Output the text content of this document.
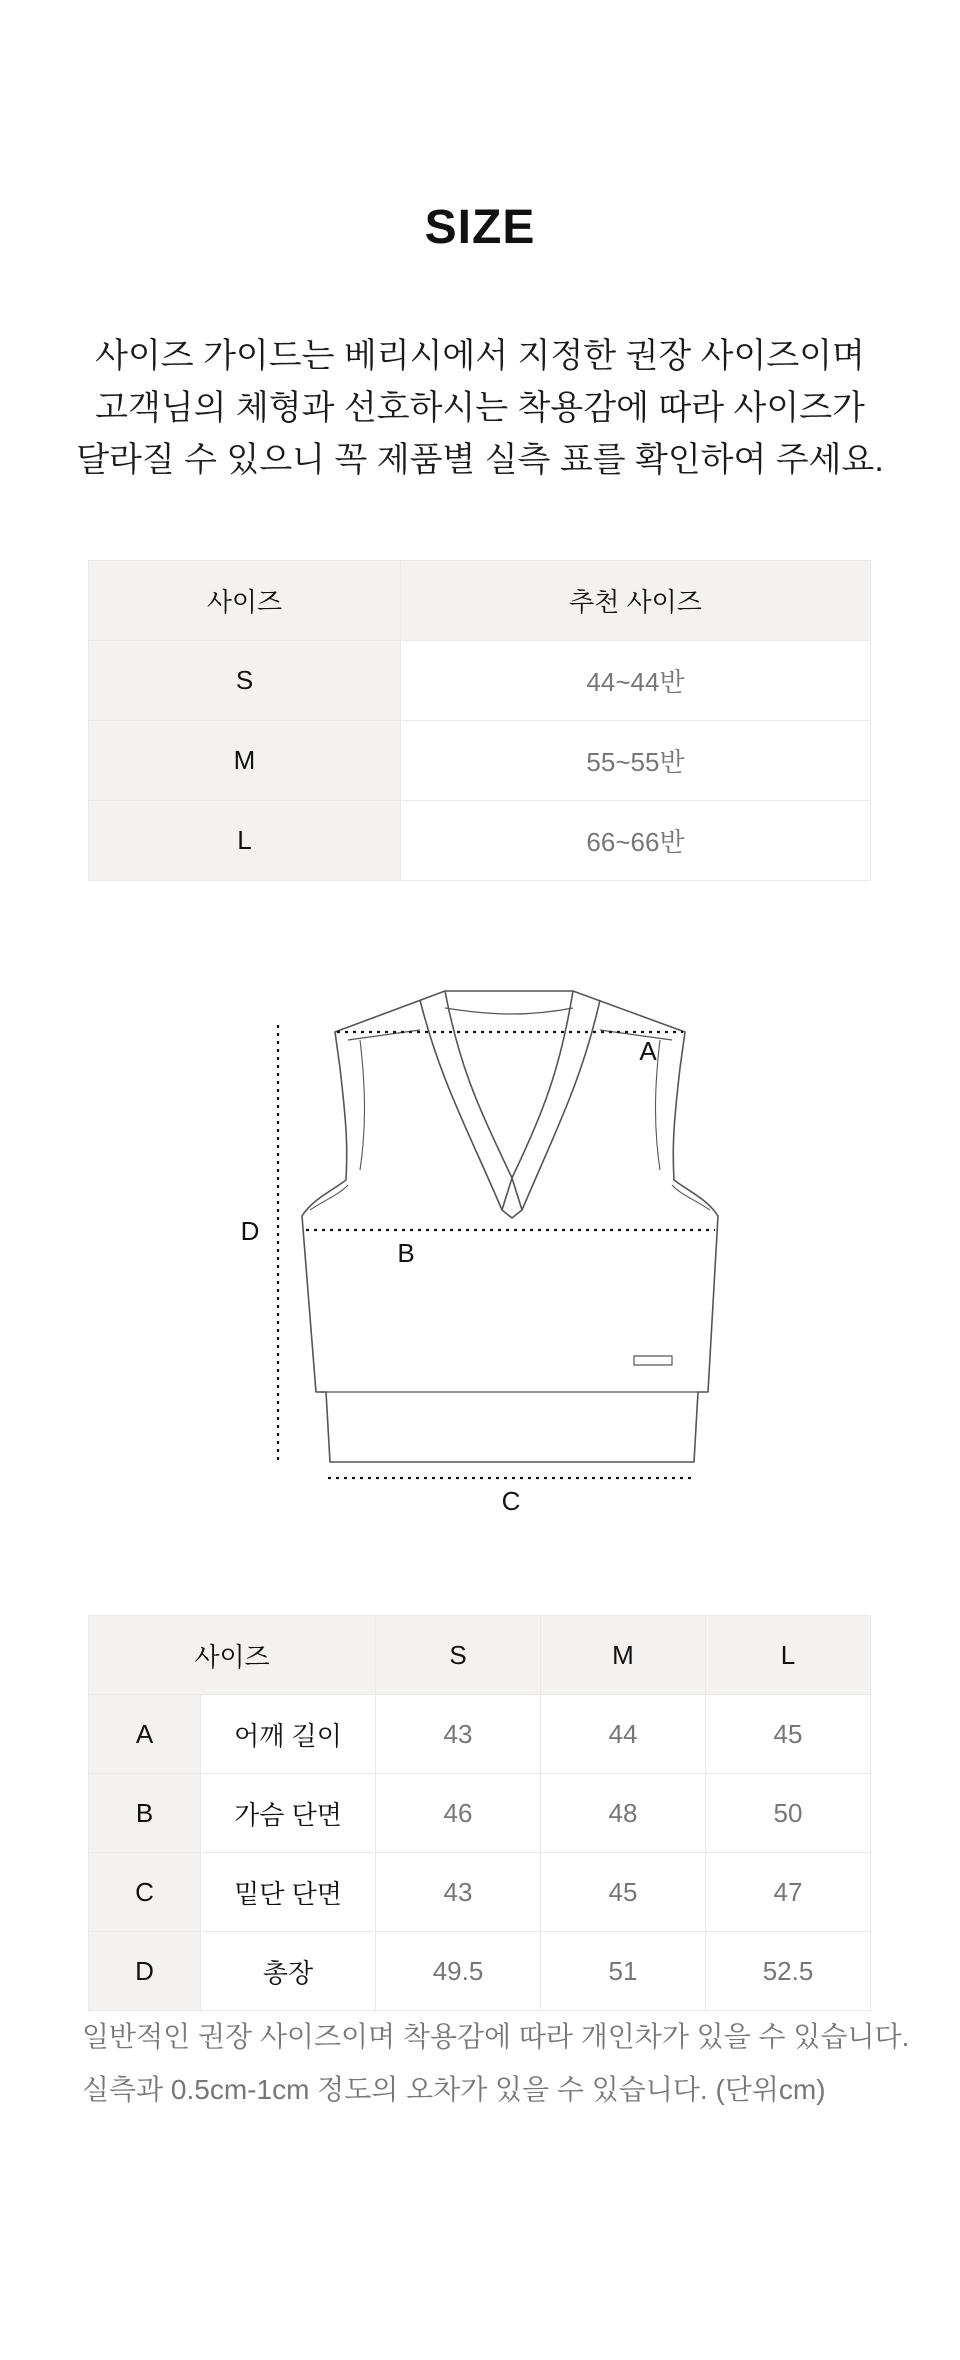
SIZE
사이즈 가이드는 베리시에서 지정한 권장 사이즈이며
고객님의 체형과 선호하시는 착용감에 따라 사이즈가
달라질 수 있으니 꼭 제품별 실측 표를 확인하여 주세요.
사이즈	추천 사이즈
S	44~44반
M	55~55반
L	66~66반
A
B
C
D
사이즈		S	M	L
A	어깨 길이	43	44	45
B	가슴 단면	46	48	50
C	밑단 단면	43	45	47
D	총장	49.5	51	52.5
일반적인 권장 사이즈이며 착용감에 따라 개인차가 있을 수 있습니다.
실측과 0.5cm-1cm 정도의 오차가 있을 수 있습니다. (단위cm)
